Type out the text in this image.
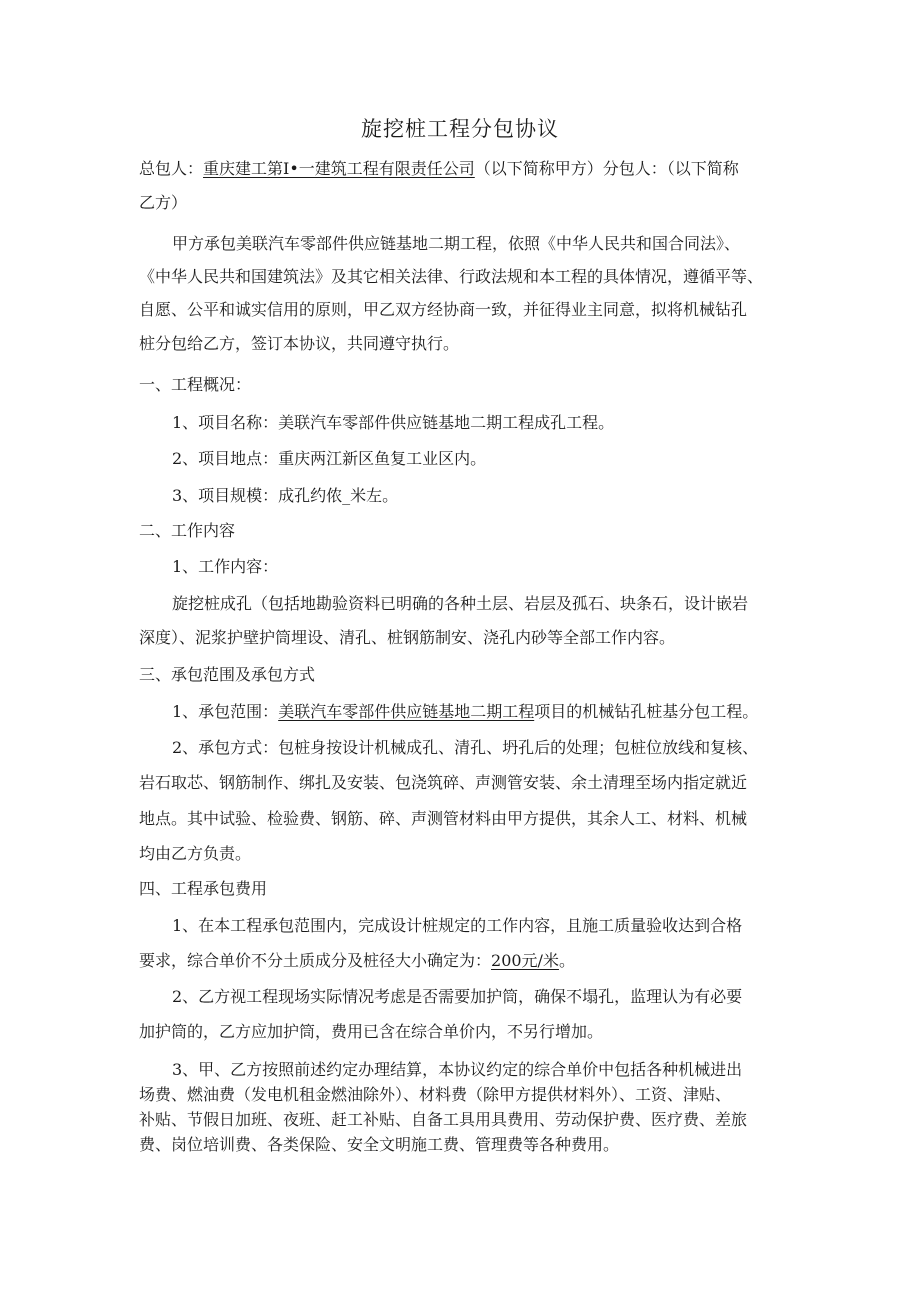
旋挖桩工程分包协议
总包人：重庆建工第I•一建筑工程有限责任公司（以下简称甲方）分包人：（以下简称
乙方）
甲方承包美联汽车零部件供应链基地二期工程，依照《中华人民共和国合同法》、
《中华人民共和国建筑法》及其它相关法律、行政法规和本工程的具体情况，遵循平等、
自愿、公平和诚实信用的原则，甲乙双方经协商一致，并征得业主同意，拟将机械钻孔
桩分包给乙方，签订本协议，共同遵守执行。
一、工程概况：
1、项目名称：美联汽车零部件供应链基地二期工程成孔工程。
2、项目地点：重庆两江新区鱼复工业区内。
3、项目规模：成孔约侬_米左。
二、工作内容
1、工作内容：
旋挖桩成孔（包括地勘验资料已明确的各种土层、岩层及孤石、块条石，设计嵌岩
深度）、泥浆护壁护筒埋设、清孔、桩钢筋制安、浇孔内砂等全部工作内容。
三、承包范围及承包方式
1、承包范围：美联汽车零部件供应链基地二期工程项目的机械钻孔桩基分包工程。
2、承包方式：包桩身按设计机械成孔、清孔、坍孔后的处理；包桩位放线和复核、
岩石取芯、钢筋制作、绑扎及安装、包浇筑碎、声测管安装、余土清理至场内指定就近
地点。其中试验、检验费、钢筋、碎、声测管材料由甲方提供，其余人工、材料、机械
均由乙方负责。
四、工程承包费用
1、在本工程承包范围内，完成设计桩规定的工作内容，且施工质量验收达到合格
要求，综合单价不分土质成分及桩径大小确定为：200元/米。
2、乙方视工程现场实际情况考虑是否需要加护筒，确保不塌孔，监理认为有必要
加护筒的，乙方应加护筒，费用已含在综合单价内，不另行增加。
3、甲、乙方按照前述约定办理结算，本协议约定的综合单价中包括各种机械进出
场费、燃油费（发电机租金燃油除外）、材料费（除甲方提供材料外）、工资、津贴、
补贴、节假日加班、夜班、赶工补贴、自备工具用具费用、劳动保护费、医疗费、差旅
费、岗位培训费、各类保险、安全文明施工费、管理费等各种费用。
